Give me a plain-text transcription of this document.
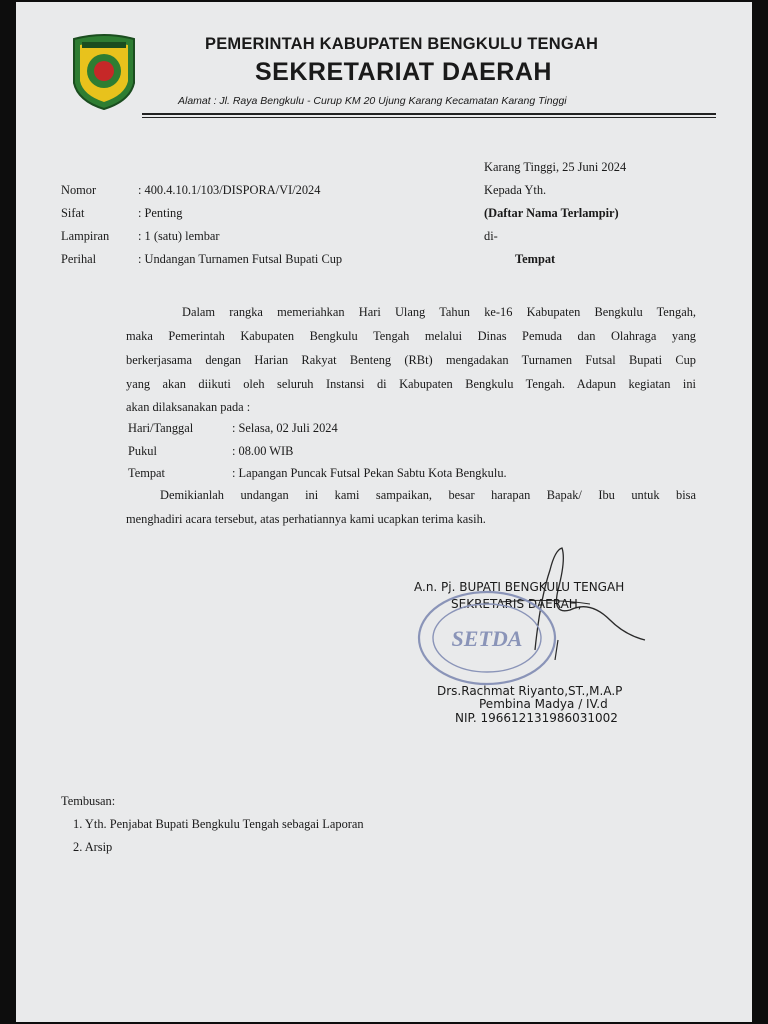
PEMERINTAH KABUPATEN BENGKULU TENGAH
SEKRETARIAT DAERAH
Alamat : Jl. Raya Bengkulu - Curup KM 20 Ujung Karang Kecamatan Karang Tinggi
Karang Tinggi, 25 Juni 2024
Nomor	: 400.4.10.1/103/DISPORA/VI/2024
Sifat	: Penting
Lampiran : 1 (satu) lembar
Perihal	: Undangan Turnamen Futsal Bupati Cup
Kepada Yth.
(Daftar Nama Terlampir)
di-
Tempat
Dalam rangka memeriahkan Hari Ulang Tahun ke-16 Kabupaten Bengkulu Tengah,
maka Pemerintah Kabupaten Bengkulu Tengah melalui Dinas Pemuda dan Olahraga yang
berkerjasama dengan Harian Rakyat Benteng (RBt) mengadakan Turnamen Futsal Bupati Cup
yang akan diikuti oleh seluruh Instansi di Kabupaten Bengkulu Tengah. Adapun kegiatan ini
akan dilaksanakan pada :
Hari/Tanggal	: Selasa, 02 Juli 2024
Pukul	: 08.00 WIB
Tempat	: Lapangan Puncak Futsal Pekan Sabtu Kota Bengkulu.
Demikianlah undangan ini kami sampaikan, besar harapan Bapak/ Ibu untuk bisa
menghadiri acara tersebut, atas perhatiannya kami ucapkan terima kasih.
A.n. Pj. BUPATI BENGKULU TENGAH
SEKRETARIS DAERAH,
SETDA
Drs.Rachmat Riyanto,ST.,M.A.P
Pembina Madya / IV.d
NIP. 196612131986031002
Tembusan:
1. Yth. Penjabat Bupati Bengkulu Tengah sebagai Laporan
2. Arsip
